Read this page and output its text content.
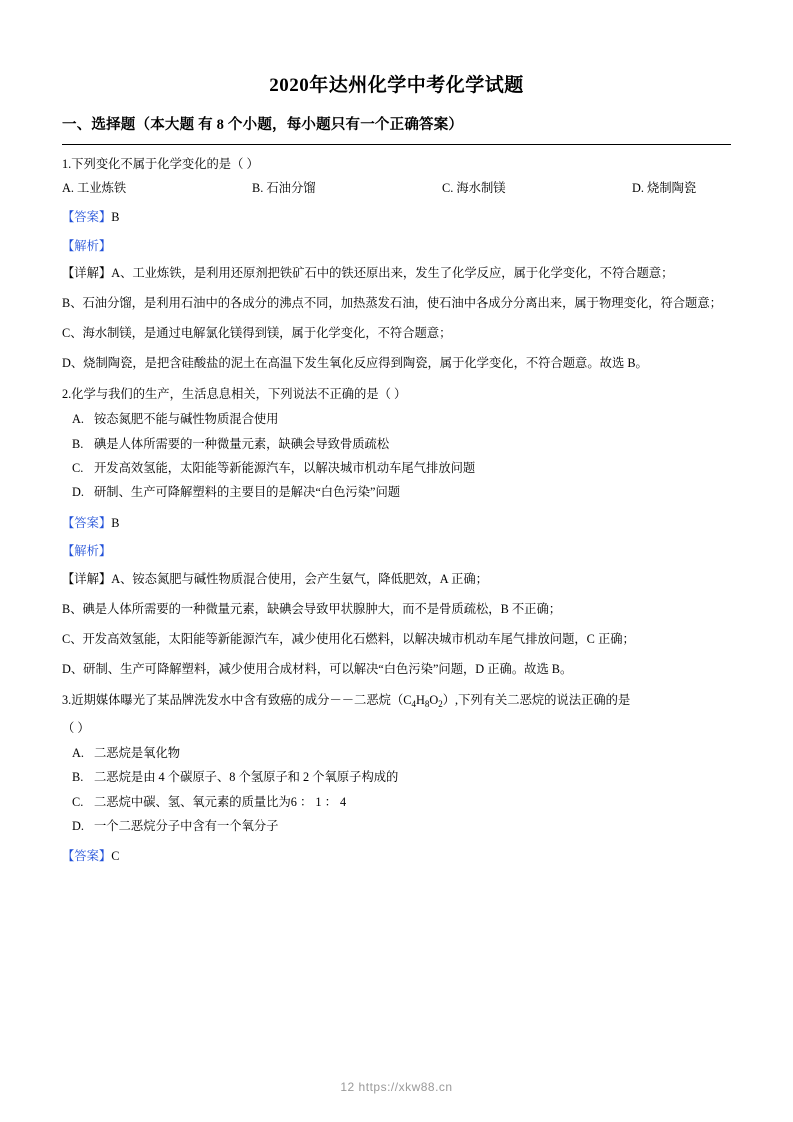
2020年达州化学中考化学试题
一、选择题（本大题 有 8 个小题，每小题只有一个正确答案）
1.下列变化不属于化学变化的是（ ）
A. 工业炼铁	B. 石油分馏	C. 海水制镁	D. 烧制陶瓷
【答案】B
【解析】
【详解】A、工业炼铁，是利用还原剂把铁矿石中的铁还原出来，发生了化学反应，属于化学变化，不符合题意；
B、石油分馏，是利用石油中的各成分的沸点不同，加热蒸发石油，使石油中各成分分离出来，属于物理变化，符合题意；
C、海水制镁，是通过电解氯化镁得到镁，属于化学变化，不符合题意；
D、烧制陶瓷，是把含硅酸盐的泥土在高温下发生氧化反应得到陶瓷，属于化学变化，不符合题意。故选 B。
2.化学与我们的生产，生活息息相关，下列说法不正确的是（ ）
A. 铵态氮肥不能与碱性物质混合使用
B. 碘是人体所需要的一种微量元素，缺碘会导致骨质疏松
C. 开发高效氢能，太阳能等新能源汽车，以解决城市机动车尾气排放问题
D. 研制、生产可降解塑料的主要目的是解决“白色污染”问题
【答案】B
【解析】
【详解】A、铵态氮肥与碱性物质混合使用，会产生氨气，降低肥效，A 正确；
B、碘是人体所需要的一种微量元素，缺碘会导致甲状腺肿大，而不是骨质疏松，B 不正确；
C、开发高效氢能，太阳能等新能源汽车，减少使用化石燃料，以解决城市机动车尾气排放问题，C 正确；
D、研制、生产可降解塑料，减少使用合成材料，可以解决“白色污染”问题，D 正确。故选 B。
3.近期媒体曝光了某品牌洗发水中含有致癌的成分－－二恶烷$(C_4H_8O_2)$,下列有关二恶烷的说法正确的是
（ ）
A. 二恶烷是氧化物
B. 二恶烷是由 4 个碳原子、8 个氢原子和 2 个氧原子构成的
C. 二恶烷中碳、氢、氧元素的质量比为6 ： 1 ： 4
D. 一个二恶烷分子中含有一个氧分子
【答案】C
12 https://xkw88.cn
